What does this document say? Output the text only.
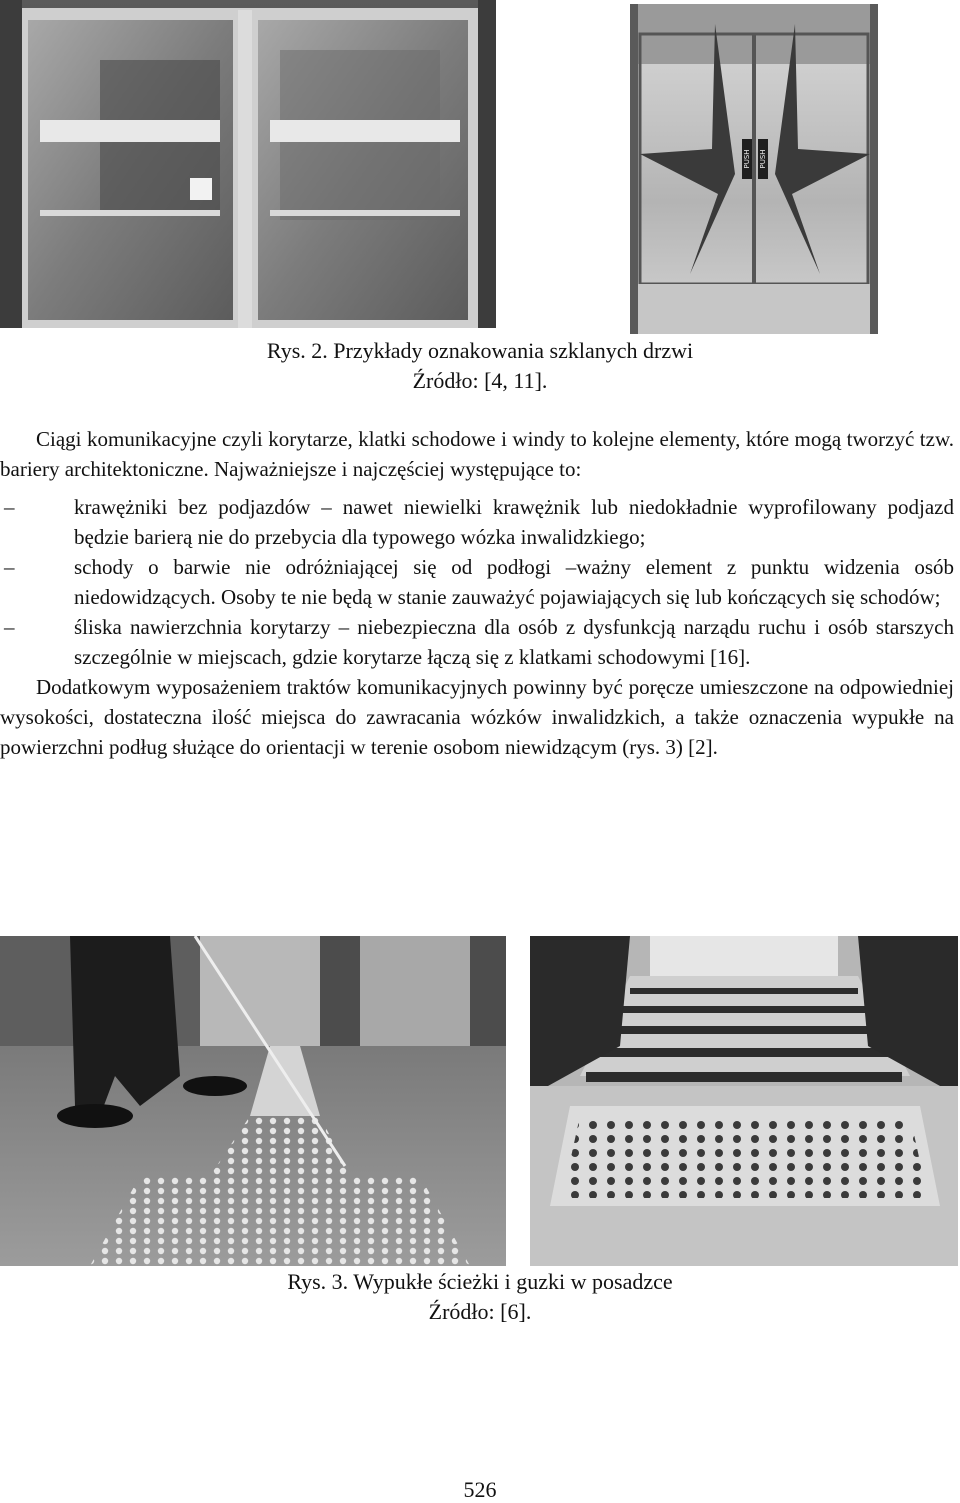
PUSH PUSH
Rys. 2. Przykłady oznakowania szklanych drzwi
Źródło: [4, 11].

Ciągi komunikacyjne czyli korytarze, klatki schodowe i windy to kolejne elementy, które mogą tworzyć tzw. bariery architektoniczne. Najważniejsze i najczęściej występujące to:

–	krawężniki bez podjazdów – nawet niewielki krawężnik lub niedokładnie wyprofilowany podjazd będzie barierą nie do przebycia dla typowego wózka inwalidzkiego;
–	schody o barwie nie odróżniającej się od podłogi –ważny element z punktu widzenia osób niedowidzących. Osoby te nie będą w stanie zauważyć pojawiających się lub kończących się schodów;
–	śliska nawierzchnia korytarzy – niebezpieczna dla osób z dysfunkcją narządu ruchu i osób starszych szczególnie w miejscach, gdzie korytarze łączą się z klatkami schodowymi [16].

Dodatkowym wyposażeniem traktów komunikacyjnych powinny być poręcze umieszczone na odpowiedniej wysokości, dostateczna ilość miejsca do zawracania wózków inwalidzkich, a także oznaczenia wypukłe na powierzchni podług służące do orientacji w terenie osobom niewidzącym (rys. 3) [2].

Rys. 3. Wypukłe ścieżki i guzki w posadzce
Źródło: [6].
526
